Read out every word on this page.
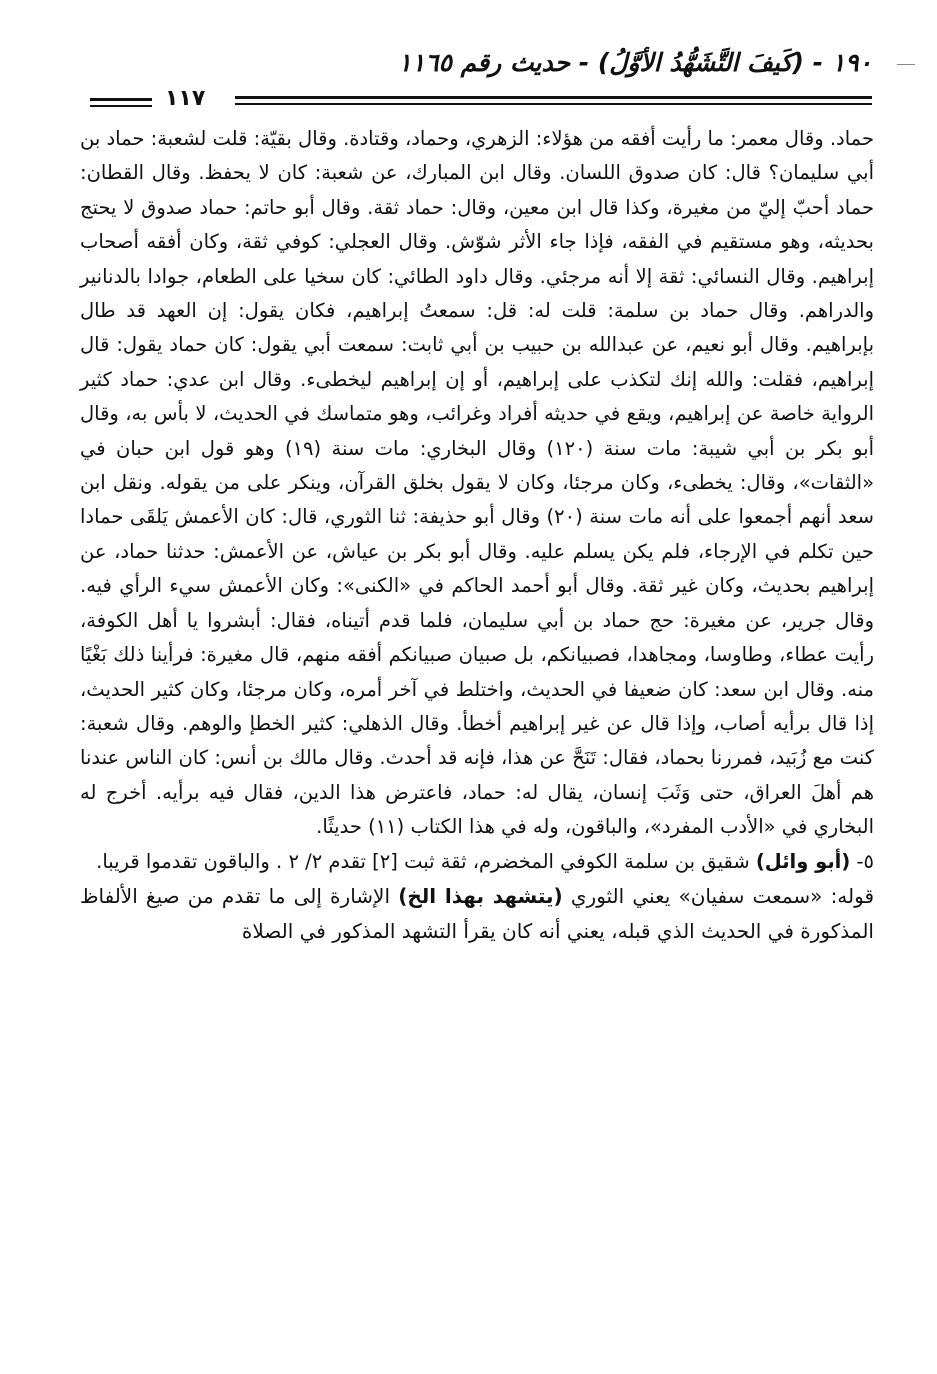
١٩٠ - (كَيفَ التَّشَهُّدُ الأوَّلُ) - حديث رقم ١١٦٥
١١٧

حماد. وقال معمر: ما رأيت أفقه من هؤلاء: الزهري، وحماد، وقتادة. وقال بقيّة: قلت لشعبة: حماد بن أبي سليمان؟ قال: كان صدوق اللسان. وقال ابن المبارك، عن شعبة: كان لا يحفظ. وقال القطان: حماد أحبّ إليّ من مغيرة، وكذا قال ابن معين، وقال: حماد ثقة. وقال أبو حاتم: حماد صدوق لا يحتج بحديثه، وهو مستقيم في الفقه، فإذا جاء الأثر شوّش. وقال العجلي: كوفي ثقة، وكان أفقه أصحاب إبراهيم. وقال النسائي: ثقة إلا أنه مرجئي. وقال داود الطائي: كان سخيا على الطعام، جوادا بالدنانير والدراهم. وقال حماد بن سلمة: قلت له: قل: سمعتُ إبراهيم، فكان يقول: إن العهد قد طال بإبراهيم. وقال أبو نعيم، عن عبدالله بن حبيب بن أبي ثابت: سمعت أبي يقول: كان حماد يقول: قال إبراهيم، فقلت: والله إنك لتكذب على إبراهيم، أو إن إبراهيم ليخطىء. وقال ابن عدي: حماد كثير الرواية خاصة عن إبراهيم، ويقع في حديثه أفراد وغرائب، وهو متماسك في الحديث، لا بأس به، وقال أبو بكر بن أبي شيبة: مات سنة (١٢٠) وقال البخاري: مات سنة (١٩) وهو قول ابن حبان في «الثقات»، وقال: يخطىء، وكان مرجئا، وكان لا يقول بخلق القرآن، وينكر على من يقوله. ونقل ابن سعد أنهم أجمعوا على أنه مات سنة (٢٠) وقال أبو حذيفة: ثنا الثوري، قال: كان الأعمش يَلقَى حمادا حين تكلم في الإرجاء، فلم يكن يسلم عليه. وقال أبو بكر بن عياش، عن الأعمش: حدثنا حماد، عن إبراهيم بحديث، وكان غير ثقة. وقال أبو أحمد الحاكم في «الكنى»: وكان الأعمش سيء الرأي فيه. وقال جرير، عن مغيرة: حج حماد بن أبي سليمان، فلما قدم أتيناه، فقال: أبشروا يا أهل الكوفة، رأيت عطاء، وطاوسا، ومجاهدا، فصبيانكم، بل صبيان صبيانكم أفقه منهم، قال مغيرة: فرأينا ذلك بَغْيًا منه. وقال ابن سعد: كان ضعيفا في الحديث، واختلط في آخر أمره، وكان مرجئا، وكان كثير الحديث، إذا قال برأيه أصاب، وإذا قال عن غير إبراهيم أخطأ. وقال الذهلي: كثير الخطإ والوهم. وقال شعبة: كنت مع زُبَيد، فمررنا بحماد، فقال: تَنَحَّ عن هذا، فإنه قد أحدث. وقال مالك بن أنس: كان الناس عندنا هم أهلَ العراق، حتى وَثَبَ إنسان، يقال له: حماد، فاعترض هذا الدين، فقال فيه برأيه. أخرج له البخاري في «الأدب المفرد»، والباقون، وله في هذا الكتاب (١١) حديثًا.

٥- (أبو وائل) شقيق بن سلمة الكوفي المخضرم، ثقة ثبت [٢] تقدم ٢/ ٢ . والباقون تقدموا قريبا.

قوله: «سمعت سفيان» يعني الثوري (يتشهد بهذا الخ) الإشارة إلى ما تقدم من صيغ الألفاظ المذكورة في الحديث الذي قبله، يعني أنه كان يقرأ التشهد المذكور في الصلاة
